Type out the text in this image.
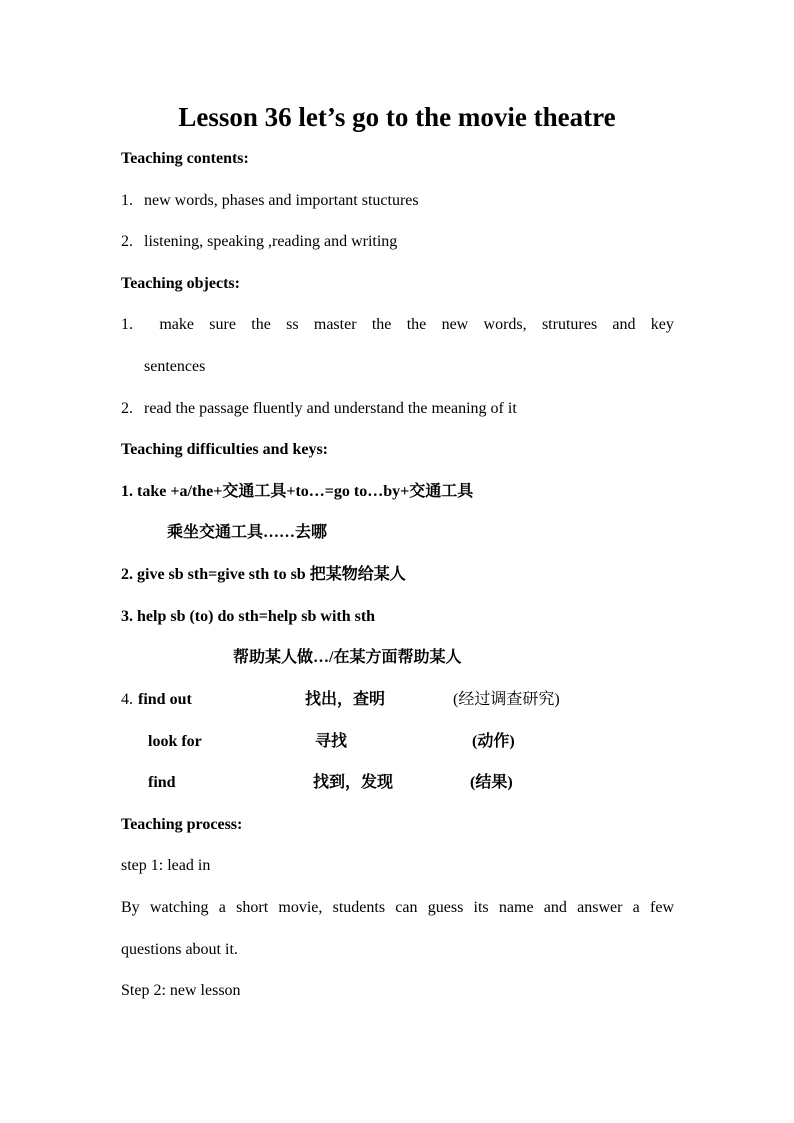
Lesson 36 let’s go to the movie theatre
Teaching contents:
1. new words, phases and important stuctures
2. listening, speaking ,reading and writing
Teaching objects:
1.	make sure the ss master the the new words, strutures and key
sentences
2. read the passage fluently and understand the meaning of it
Teaching difficulties and keys:
1. take +a/the+交通工具+to…=go to…by+交通工具
乘坐交通工具……去哪
2. give sb sth=give sth to sb 把某物给某人
3. help sb (to) do sth=help sb with sth
帮助某人做…/在某方面帮助某人
4. find out	找出，查明	(经过调查研究)
look for	寻找	(动作)
find	找到，发现	(结果)
Teaching process:
step 1: lead in
By watching a short movie, students can guess its name and answer a few
questions about it.
Step 2: new lesson
